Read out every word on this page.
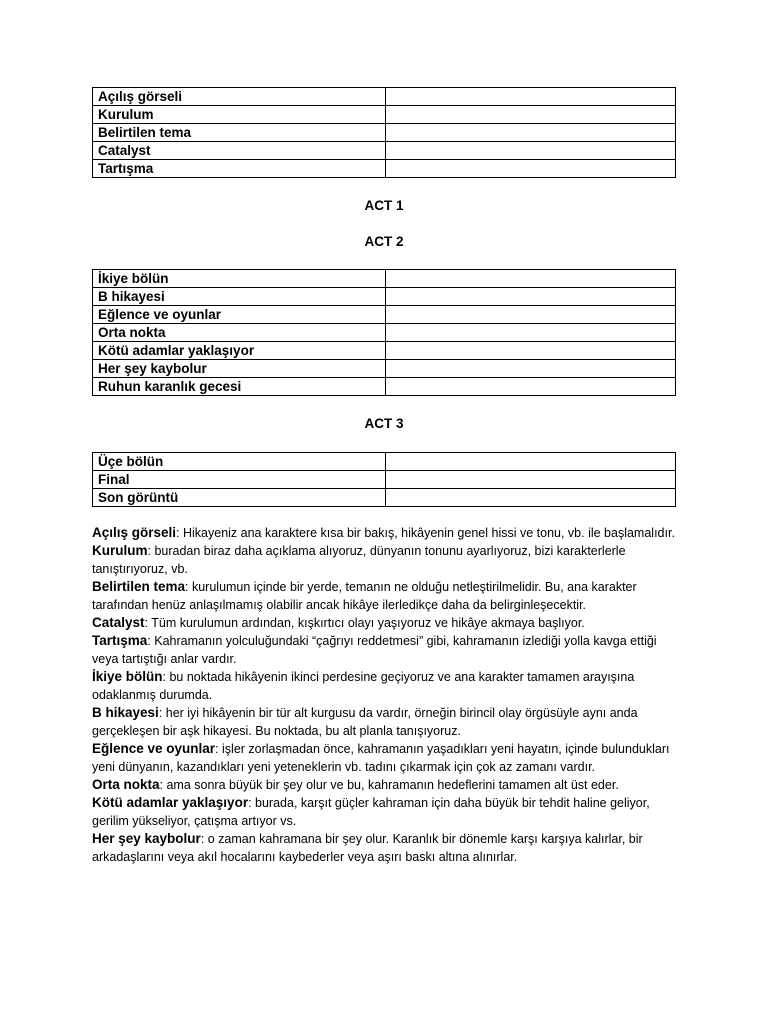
Açılış görseli	
Kurulum	
Belirtilen tema	
Catalyst	
Tartışma	
ACT 1
ACT 2
İkiye bölün	
B hikayesi	
Eğlence ve oyunlar	
Orta nokta	
Kötü adamlar yaklaşıyor	
Her şey kaybolur	
Ruhun karanlık gecesi	
ACT 3
Üçe bölün	
Final	
Son görüntü	

Açılış görseli: Hikayeniz ana karaktere kısa bir bakış, hikâyenin genel hissi ve tonu, vb. ile başlamalıdır.

Kurulum: buradan biraz daha açıklama alıyoruz, dünyanın tonunu ayarlıyoruz, bizi karakterlerle tanıştırıyoruz, vb.

Belirtilen tema: kurulumun içinde bir yerde, temanın ne olduğu netleştirilmelidir. Bu, ana karakter tarafından henüz anlaşılmamış olabilir ancak hikâye ilerledikçe daha da belirginleşecektir.

Catalyst: Tüm kurulumun ardından, kışkırtıcı olayı yaşıyoruz ve hikâye akmaya başlıyor.

Tartışma: Kahramanın yolculuğundaki “çağrıyı reddetmesi” gibi, kahramanın izlediği yolla kavga ettiği veya tartıştığı anlar vardır.

İkiye bölün: bu noktada hikâyenin ikinci perdesine geçiyoruz ve ana karakter tamamen arayışına odaklanmış durumda.

B hikayesi: her iyi hikâyenin bir tür alt kurgusu da vardır, örneğin birincil olay örgüsüyle aynı anda gerçekleşen bir aşk hikayesi. Bu noktada, bu alt planla tanışıyoruz.

Eğlence ve oyunlar: işler zorlaşmadan önce, kahramanın yaşadıkları yeni hayatın, içinde bulundukları yeni dünyanın, kazandıkları yeni yeteneklerin vb. tadını çıkarmak için çok az zamanı vardır.

Orta nokta: ama sonra büyük bir şey olur ve bu, kahramanın hedeflerini tamamen alt üst eder.

Kötü adamlar yaklaşıyor: burada, karşıt güçler kahraman için daha büyük bir tehdit haline geliyor, gerilim yükseliyor, çatışma artıyor vs.

Her şey kaybolur: o zaman kahramana bir şey olur. Karanlık bir dönemle karşı karşıya kalırlar, bir arkadaşlarını veya akıl hocalarını kaybederler veya aşırı baskı altına alınırlar.
